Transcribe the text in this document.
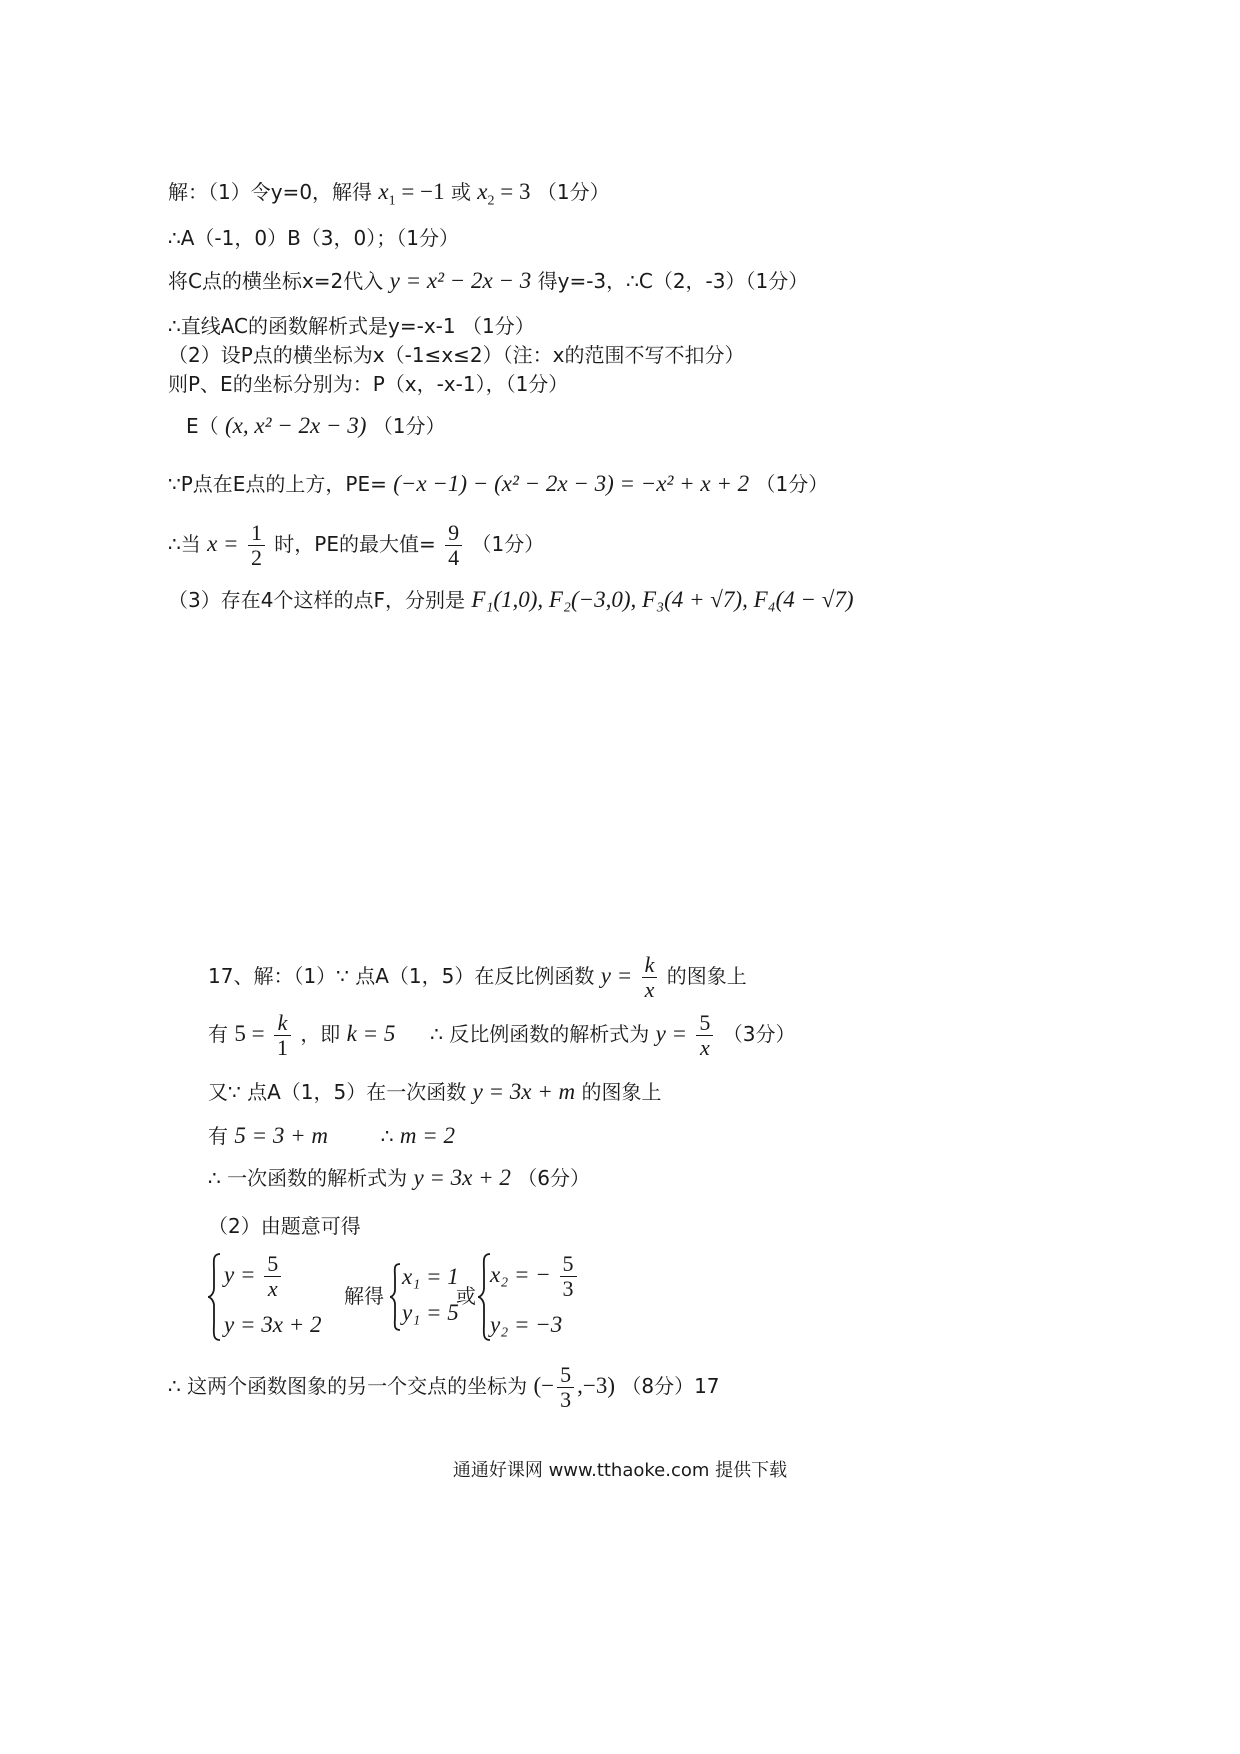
解：（1）令y=0，解得 $x_1 = -1$ 或 $x_2 = 3$ （1分）
∴A（-1，0）B（3，0）；（1分）
将C点的横坐标x=2代入 y = x² − 2x − 3 得y=-3，∴C（2，-3）（1分）
∴直线AC的函数解析式是y=-x-1 （1分）
（2）设P点的横坐标为x（-1≤x≤2）（注：x的范围不写不扣分）
则P、E的坐标分别为：P（x，-x-1），（1分）
E（ (x, x² − 2x − 3) （1分）
∵P点在E点的上方，PE= (−x −1) − (x² − 2x − 3) = −x² + x + 2 （1分）
∴当 $x = \frac{1}{2}$ 时，PE的最大值= $\frac{9}{4} (1$分）
（3）存在4个这样的点F，分别是 F₁(1,0), F₂(−3,0), F₃(4 + √7), F₄(4 − √7)
17、解：（1）∵ 点A（1，5）在反比例函数 $y = \frac{k}{x}$ 的图象上
有 $5 = \frac{k}{1}$ ，即 k = 5 ∴ 反比例函数的解析式为 $y = \frac{5}{x} (3$分）
又∵ 点A（1，5）在一次函数 y = 3x + m 的图象上
有 5 = 3 + m	∴ m = 2
∴ 一次函数的解析式为 y = 3x + 2 （6分）
（2）由题意可得
$y = \frac{5}{x}$
y = 3x + 2
解得
x₁ = 1
y₁ = 5
或
x₂ = − $\frac{5}{3}$
y₂ = −3
∴ 这两个函数图象的另一个交点的坐标为 (− $\frac{5}{3} ,-3$) （8分）17
通通好课网 www.tthaoke.com 提供下载
